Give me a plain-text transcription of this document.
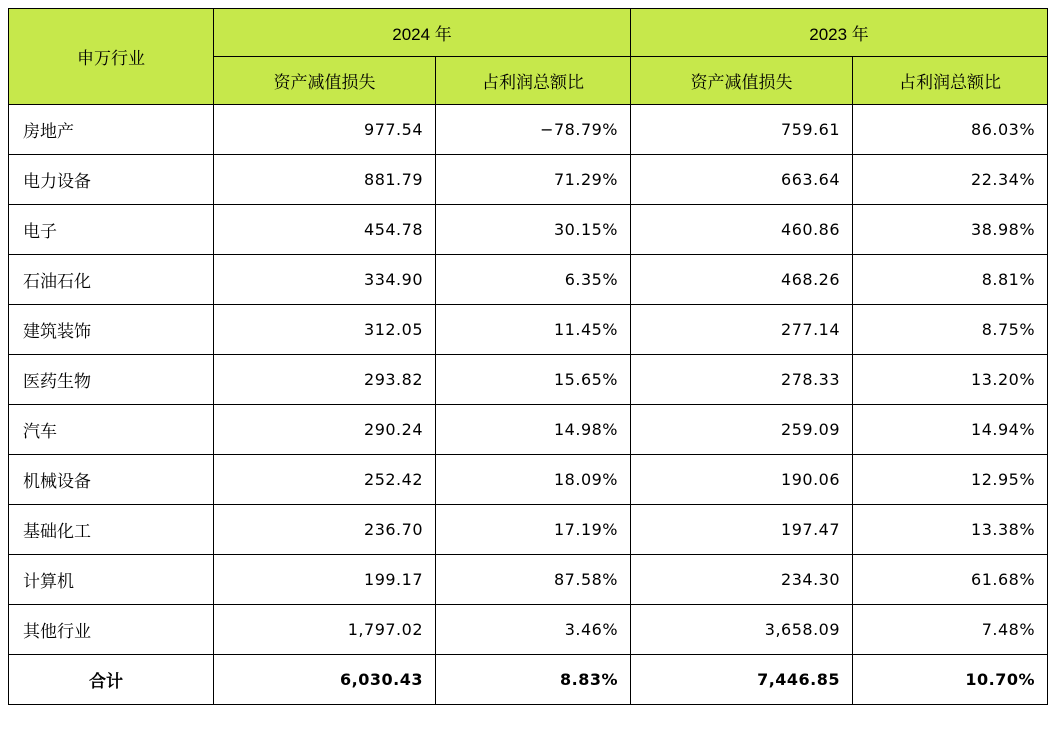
申万行业	2024 年		2023 年	
	资产减值损失	占利润总额比	资产减值损失	占利润总额比
房地产	977.54	−78.79%	759.61	86.03%
电力设备	881.79	71.29%	663.64	22.34%
电子	454.78	30.15%	460.86	38.98%
石油石化	334.90	6.35%	468.26	8.81%
建筑装饰	312.05	11.45%	277.14	8.75%
医药生物	293.82	15.65%	278.33	13.20%
汽车	290.24	14.98%	259.09	14.94%
机械设备	252.42	18.09%	190.06	12.95%
基础化工	236.70	17.19%	197.47	13.38%
计算机	199.17	87.58%	234.30	61.68%
其他行业	1,797.02	3.46%	3,658.09	7.48%
合计	6,030.43	8.83%	7,446.85	10.70%
